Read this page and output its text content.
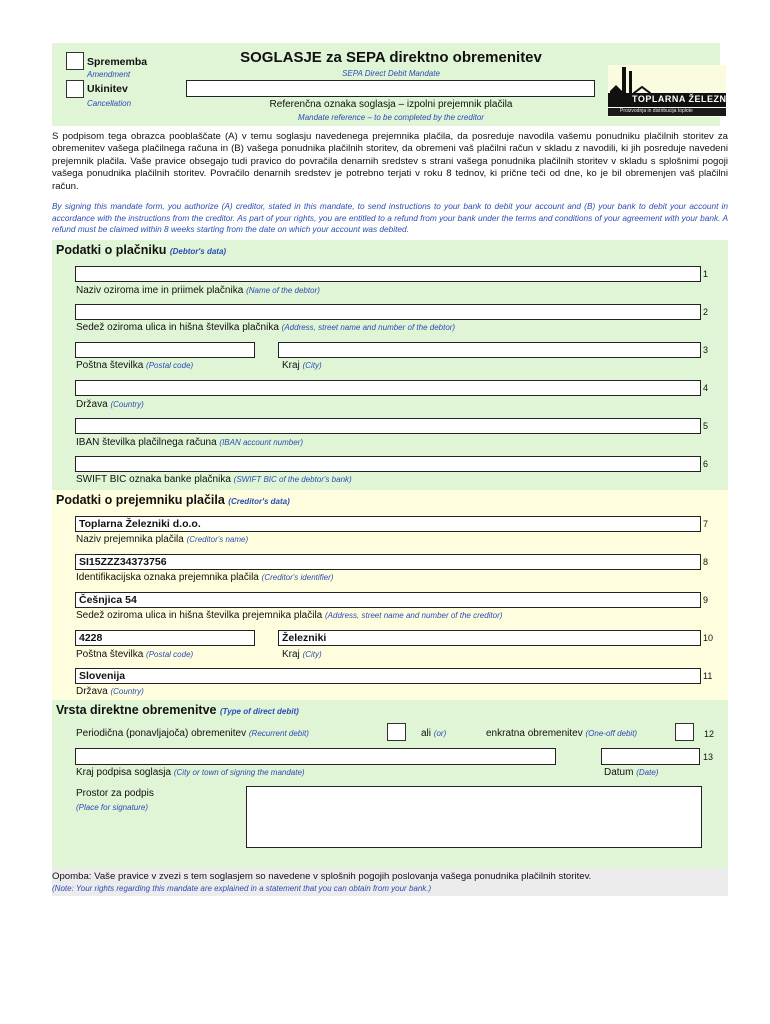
Sprememba
Amendment
Ukinitev
Cancellation
SOGLASJE za SEPA direktno obremenitev
SEPA Direct Debit Mandate
Referenčna oznaka soglasja – izpolni prejemnik plačila
Mandate reference – to be completed by the creditor
TOPLARNA ŽELEZNIKI
Proizvodnja in distribucija toplote
S podpisom tega obrazca pooblaščate (A) v temu soglasju navedenega prejemnika plačila, da posreduje navodila vašemu ponudniku plačilnih storitev za obremenitev vašega plačilnega računa in (B) vašega ponudnika plačilnih storitev, da obremeni vaš plačilni račun v skladu z navodili, ki jih posreduje navedeni prejemnik plačila. Vaše pravice obsegajo tudi pravico do povračila denarnih sredstev s strani vašega ponudnika plačilnih storitev v skladu s splošnimi pogoji vašega ponudnika plačilnih storitev. Povračilo denarnih sredstev je potrebno terjati v roku 8 tednov, ki prične teči od dne, ko je bil obremenjen vaš plačilni račun.
By signing this mandate form, you authorize (A) creditor, stated in this mandate, to send instructions to your bank to debit your account and (B) your bank to debit your account in accordance with the instructions from the creditor. As part of your rights, you are entitled to a refund from your bank under the terms and conditions of your agreement with your bank. A refund must be claimed within 8 weeks starting from the date on which your account was debited.
Podatki o plačniku (Debtor's data)
1
Naziv oziroma ime in priimek plačnika (Name of the debtor)
2
Sedež oziroma ulica in hišna številka plačnika (Address, street name and number of the debtor)
3
Poštna številka (Postal code)	Kraj (City)
4
Država (Country)
5
IBAN številka plačilnega računa (IBAN account number)
6
SWIFT BIC oznaka banke plačnika (SWIFT BIC of the debtor's bank)
Podatki o prejemniku plačila (Creditor's data)
Toplarna Železniki d.o.o.	7
Naziv prejemnika plačila (Creditor's name)
SI15ZZZ34373756	8
Identifikacijska oznaka prejemnika plačila (Creditor's identifier)
Češnjica 54	9
Sedež oziroma ulica in hišna številka prejemnika plačila (Address, street name and number of the creditor)
4228	Železniki	10
Poštna številka (Postal code)	Kraj (City)
Slovenija	11
Država (Country)
Vrsta direktne obremenitve (Type of direct debit)
Periodična (ponavljajoča) obremenitev (Recurrent debit)	ali (or)	enkratna obremenitev (One-off debit)	12
13
Kraj podpisa soglasja (City or town of signing the mandate)	Datum (Date)
Prostor za podpis
(Place for signature)
Opomba: Vaše pravice v zvezi s tem soglasjem so navedene v splošnih pogojih poslovanja vašega ponudnika plačilnih storitev.
(Note: Your rights regarding this mandate are explained in a statement that you can obtain from your bank.)
